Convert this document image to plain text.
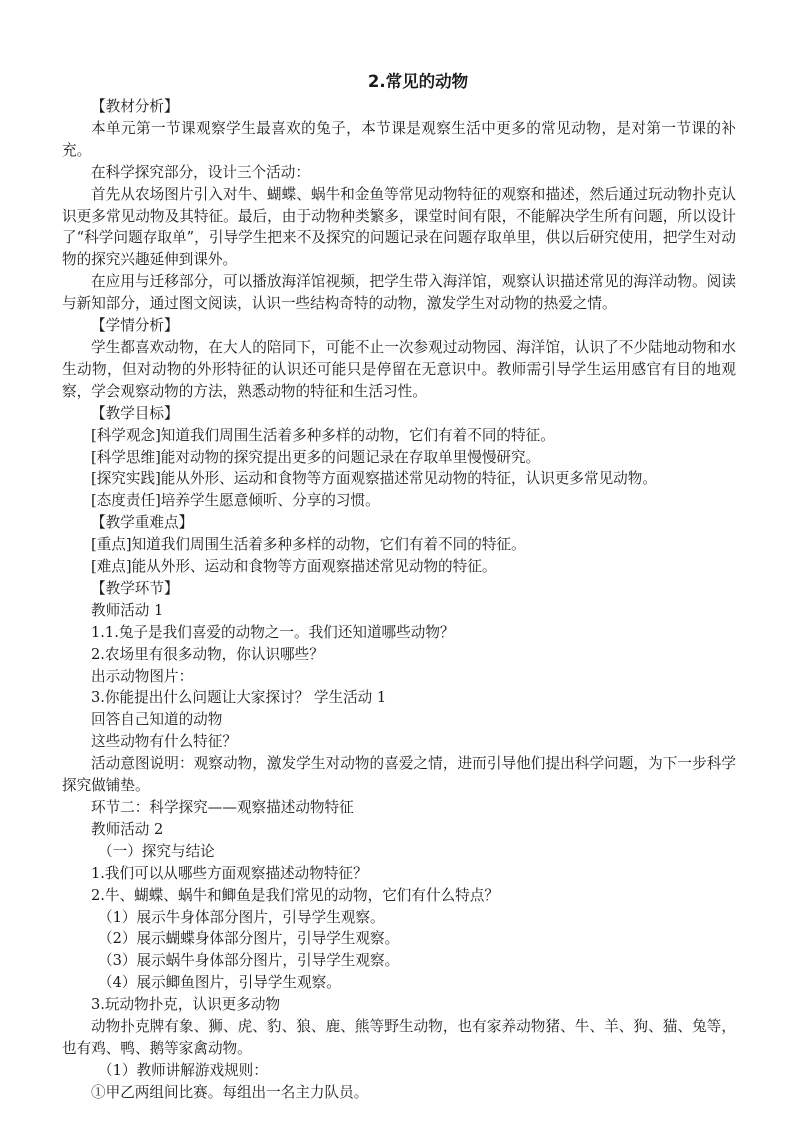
2.常见的动物

【教材分析】

本单元第一节课观察学生最喜欢的兔子，本节课是观察生活中更多的常见动物，是对第一节课的补充。

在科学探究部分，设计三个活动：

首先从农场图片引入对牛、蝴蝶、蜗牛和金鱼等常见动物特征的观察和描述，然后通过玩动物扑克认识更多常见动物及其特征。最后，由于动物种类繁多，课堂时间有限，不能解决学生所有问题，所以设计了“科学问题存取单”，引导学生把来不及探究的问题记录在问题存取单里，供以后研究使用，把学生对动物的探究兴趣延伸到课外。

在应用与迁移部分，可以播放海洋馆视频，把学生带入海洋馆，观察认识描述常见的海洋动物。阅读与新知部分，通过图文阅读，认识一些结构奇特的动物，激发学生对动物的热爱之情。

【学情分析】

学生都喜欢动物，在大人的陪同下，可能不止一次参观过动物园、海洋馆，认识了不少陆地动物和水生动物，但对动物的外形特征的认识还可能只是停留在无意识中。教师需引导学生运用感官有目的地观察，学会观察动物的方法，熟悉动物的特征和生活习性。

【教学目标】

[科学观念]知道我们周围生活着多种多样的动物，它们有着不同的特征。

[科学思维]能对动物的探究提出更多的问题记录在存取单里慢慢研究。

[探究实践]能从外形、运动和食物等方面观察描述常见动物的特征，认识更多常见动物。

[态度责任]培养学生愿意倾听、分享的习惯。

【教学重难点】

[重点]知道我们周围生活着多种多样的动物，它们有着不同的特征。

[难点]能从外形、运动和食物等方面观察描述常见动物的特征。

【教学环节】

教师活动 1

1.1.兔子是我们喜爱的动物之一。我们还知道哪些动物？

2.农场里有很多动物，你认识哪些？

出示动物图片：

3.你能提出什么问题让大家探讨？ 学生活动 1

回答自己知道的动物

这些动物有什么特征？

活动意图说明：观察动物，激发学生对动物的喜爱之情，进而引导他们提出科学问题，为下一步科学探究做铺垫。

环节二：科学探究——观察描述动物特征

教师活动 2

（一）探究与结论

1.我们可以从哪些方面观察描述动物特征？

2.牛、蝴蝶、蜗牛和鲫鱼是我们常见的动物，它们有什么特点？

（1）展示牛身体部分图片，引导学生观察。

（2）展示蝴蝶身体部分图片，引导学生观察。

（3）展示蜗牛身体部分图片，引导学生观察。

（4）展示鲫鱼图片，引导学生观察。

3.玩动物扑克，认识更多动物

动物扑克牌有象、狮、虎、豹、狼、鹿、熊等野生动物，也有家养动物猪、牛、羊、狗、猫、兔等，也有鸡、鸭、鹅等家禽动物。

（1）教师讲解游戏规则：

①甲乙两组间比赛。每组出一名主力队员。
